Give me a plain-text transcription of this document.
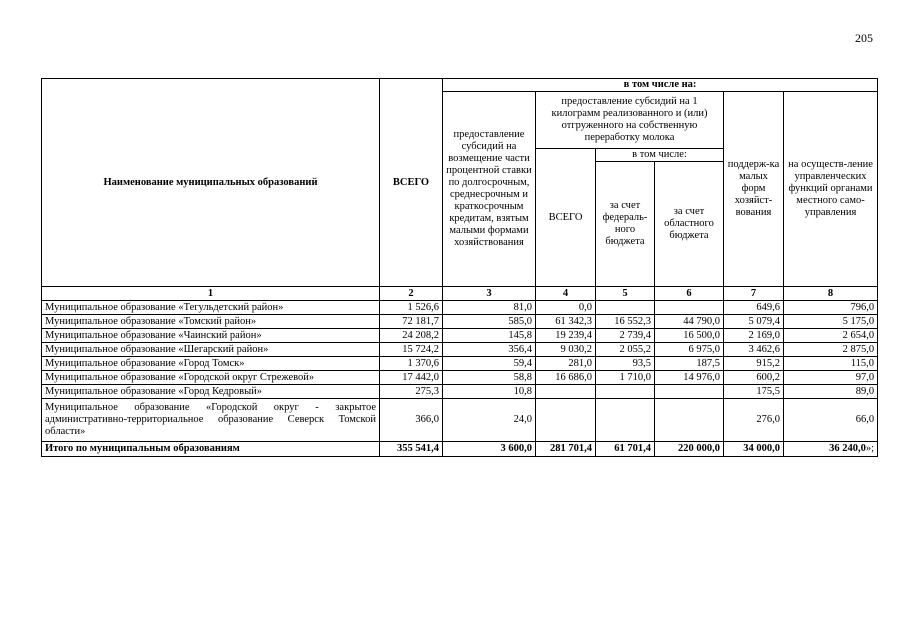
205
Наименование муниципальных образований	ВСЕГО	в том числе на:					
		предоставление субсидий на возмещение части процентной ставки по долгосрочным, среднесрочным и краткосрочным кредитам, взятым малыми формами хозяйствования	предоставление субсидий на 1 килограмм реализованного и (или) отгруженного на собственную переработку молока			поддерж-ка малых форм хозяйст-вования	на осуществ-ление управленческих функций органами местного само-управления
			ВСЕГО	в том числе:			
				за счет федераль-ного бюджета	за счет областного бюджета		
1	2	3	4	5	6	7	8
Муниципальное образование «Тегульдетский район»	1 526,6	81,0	0,0			649,6	796,0
Муниципальное образование «Томский район»	72 181,7	585,0	61 342,3	16 552,3	44 790,0	5 079,4	5 175,0
Муниципальное образование «Чаинский район»	24 208,2	145,8	19 239,4	2 739,4	16 500,0	2 169,0	2 654,0
Муниципальное образование «Шегарский район»	15 724,2	356,4	9 030,2	2 055,2	6 975,0	3 462,6	2 875,0
Муниципальное образование «Город Томск»	1 370,6	59,4	281,0	93,5	187,5	915,2	115,0
Муниципальное образование «Городской округ Стрежевой»	17 442,0	58,8	16 686,0	1 710,0	14 976,0	600,2	97,0
Муниципальное образование «Город Кедровый»	275,3	10,8				175,5	89,0
Муниципальное образование «Городской округ - закрытое административно-территориальное образование Северск Томской области»	366,0	24,0				276,0	66,0
Итого по муниципальным образованиям	355 541,4	3 600,0	281 701,4	61 701,4	220 000,0	34 000,0	36 240,0»;
